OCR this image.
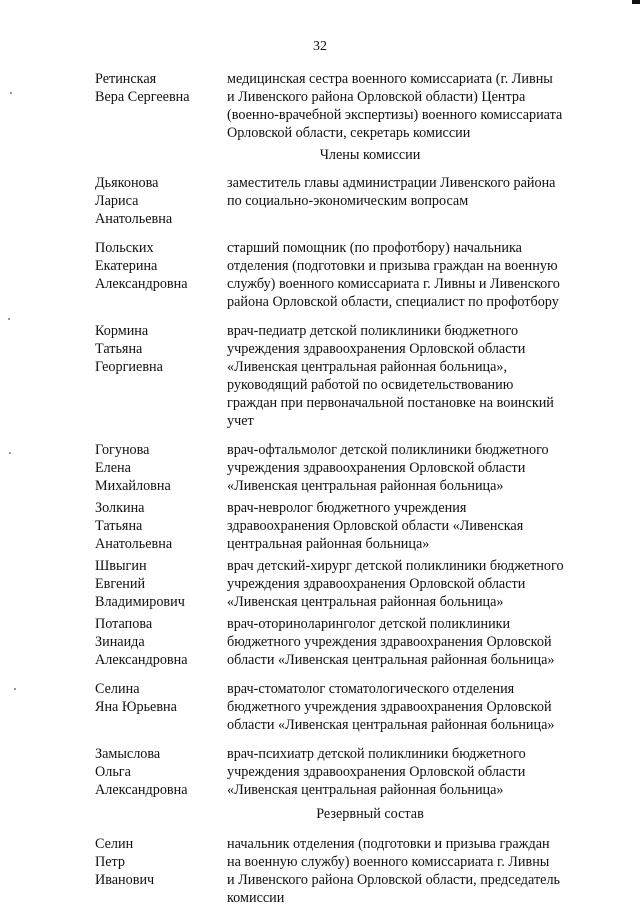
32
Ретинская
Вера Сергеевна
медицинская сестра военного комиссариата (г. Ливны
и Ливенского района Орловской области) Центра
(военно-врачебной экспертизы) военного комиссариата
Орловской области, секретарь комиссии
Члены комиссии
Дьяконова
Лариса
Анатольевна
заместитель главы администрации Ливенского района
по социально-экономическим вопросам
Польских
Екатерина
Александровна
старший помощник (по профотбору) начальника
отделения (подготовки и призыва граждан на военную
службу) военного комиссариата г. Ливны и Ливенского
района Орловской области, специалист по профотбору
Кормина
Татьяна
Георгиевна
врач-педиатр детской поликлиники бюджетного
учреждения здравоохранения Орловской области
«Ливенская центральная районная больница»,
руководящий работой по освидетельствованию
граждан при первоначальной постановке на воинский
учет
Гогунова
Елена
Михайловна
врач-офтальмолог детской поликлиники бюджетного
учреждения здравоохранения Орловской области
«Ливенская центральная районная больница»
Золкина
Татьяна
Анатольевна
врач-невролог бюджетного учреждения
здравоохранения Орловской области «Ливенская
центральная районная больница»
Швыгин
Евгений
Владимирович
врач детский-хирург детской поликлиники бюджетного
учреждения здравоохранения Орловской области
«Ливенская центральная районная больница»
Потапова
Зинаида
Александровна
врач-оториноларинголог детской поликлиники
бюджетного учреждения здравоохранения Орловской
области «Ливенская центральная районная больница»
Селина
Яна Юрьевна
врач-стоматолог стоматологического отделения
бюджетного учреждения здравоохранения Орловской
области «Ливенская центральная районная больница»
Замыслова
Ольга
Александровна
врач-психиатр детской поликлиники бюджетного
учреждения здравоохранения Орловской области
«Ливенская центральная районная больница»
Резервный состав
Селин
Петр
Иванович
начальник отделения (подготовки и призыва граждан
на военную службу) военного комиссариата г. Ливны
и Ливенского района Орловской области, председатель
комиссии
